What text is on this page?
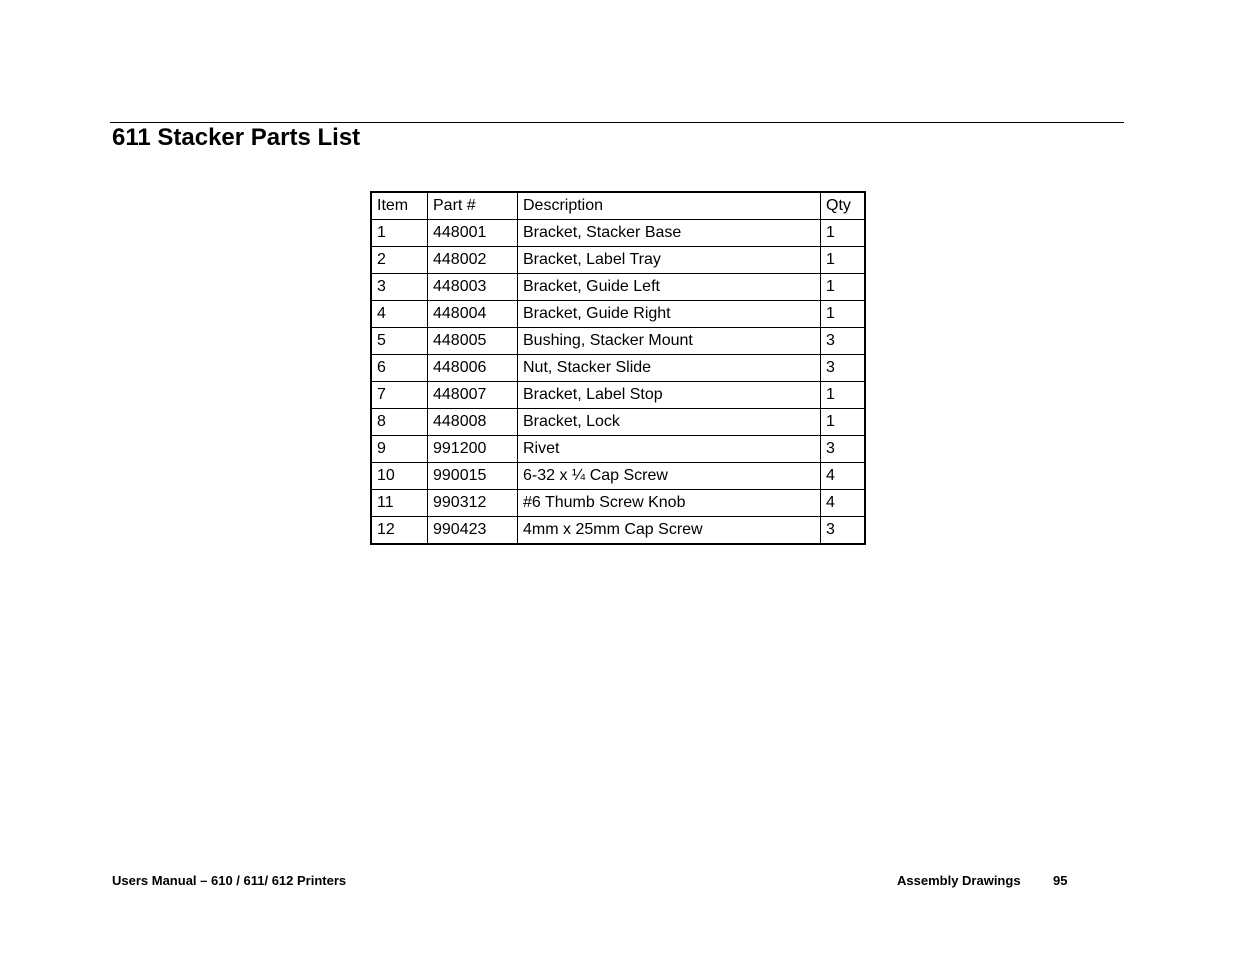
611 Stacker Parts List
Item	Part #	Description	Qty
1	448001	Bracket, Stacker Base	1
2	448002	Bracket, Label Tray	1
3	448003	Bracket, Guide Left	1
4	448004	Bracket, Guide Right	1
5	448005	Bushing, Stacker Mount	3
6	448006	Nut, Stacker Slide	3
7	448007	Bracket, Label Stop	1
8	448008	Bracket, Lock	1
9	991200	Rivet	3
10	990015	6-32 x ¼ Cap Screw	4
11	990312	#6 Thumb Screw Knob	4
12	990423	4mm x 25mm Cap Screw	3
Users Manual – 610 / 611/ 612 Printers	Assembly Drawings 95
